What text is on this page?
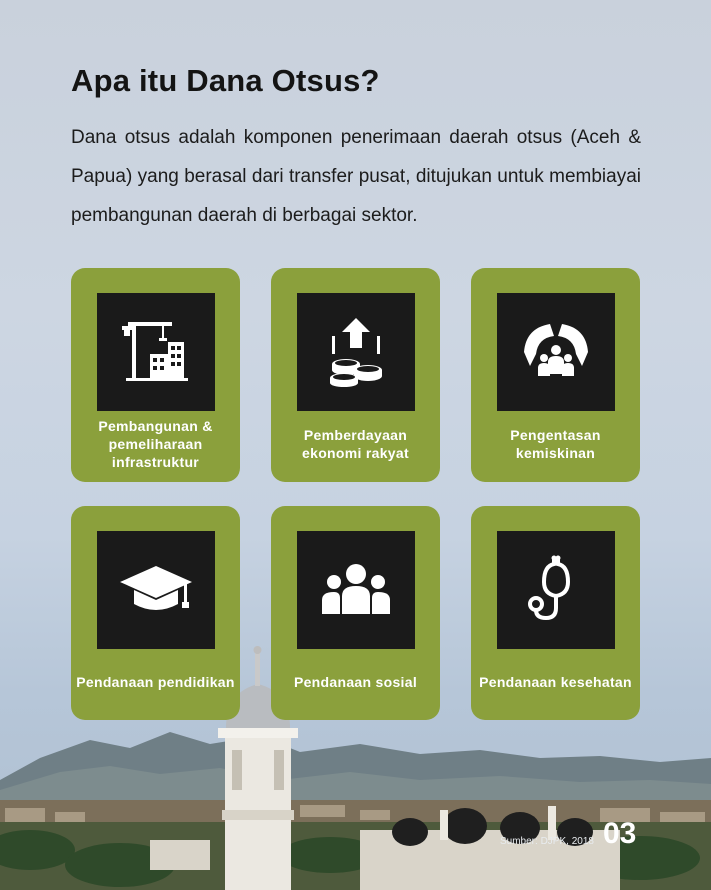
Apa itu Dana Otsus?

Dana otsus adalah komponen penerimaan daerah otsus (Aceh & Papua) yang berasal dari transfer pusat, ditujukan untuk membiayai pembangunan daerah di berbagai sektor.

Pembangunan & pemeliharaan infrastruktur
Pemberdayaan ekonomi rakyat
Pengentasan kemiskinan
Pendanaan pendidikan	Pendanaan sosial	Pendanaan kesehatan
Sumber: DJPK, 2018 03
